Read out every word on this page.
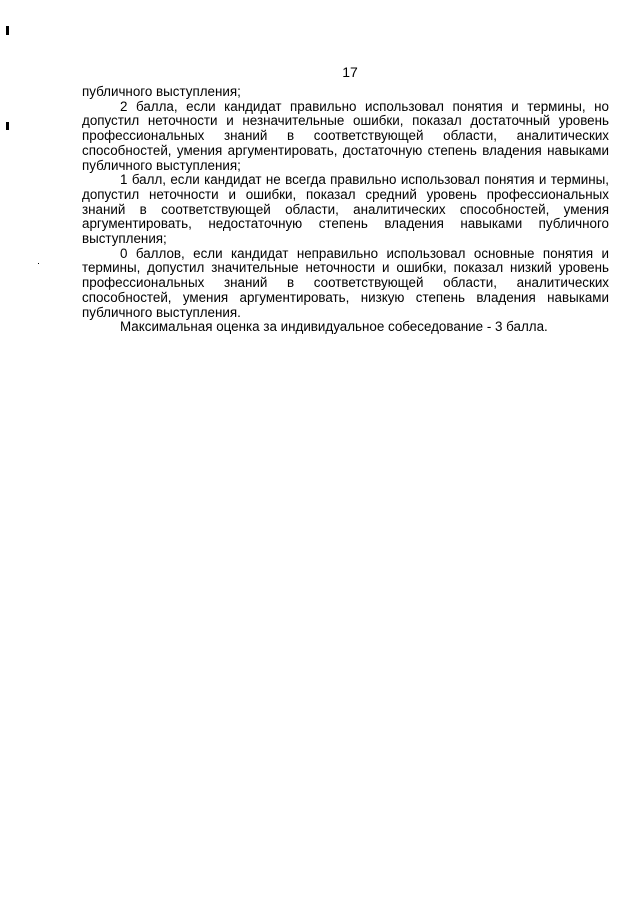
17

публичного выступления;

2 балла, если кандидат правильно использовал понятия и термины, но допустил неточности и незначительные ошибки, показал достаточный уровень профессиональных знаний в соответствующей области, аналитических способностей, умения аргументировать, достаточную степень владения навыками публичного выступления;

1 балл, если кандидат не всегда правильно использовал понятия и термины, допустил неточности и ошибки, показал средний уровень профессиональных знаний в соответствующей области, аналитических способностей, умения аргументировать, недостаточную степень владения навыками публичного выступления;

0 баллов, если кандидат неправильно использовал основные понятия и термины, допустил значительные неточности и ошибки, показал низкий уровень профессиональных знаний в соответствующей области, аналитических способностей, умения аргументировать, низкую степень владения навыками публичного выступления.

Максимальная оценка за индивидуальное собеседование - 3 балла.
